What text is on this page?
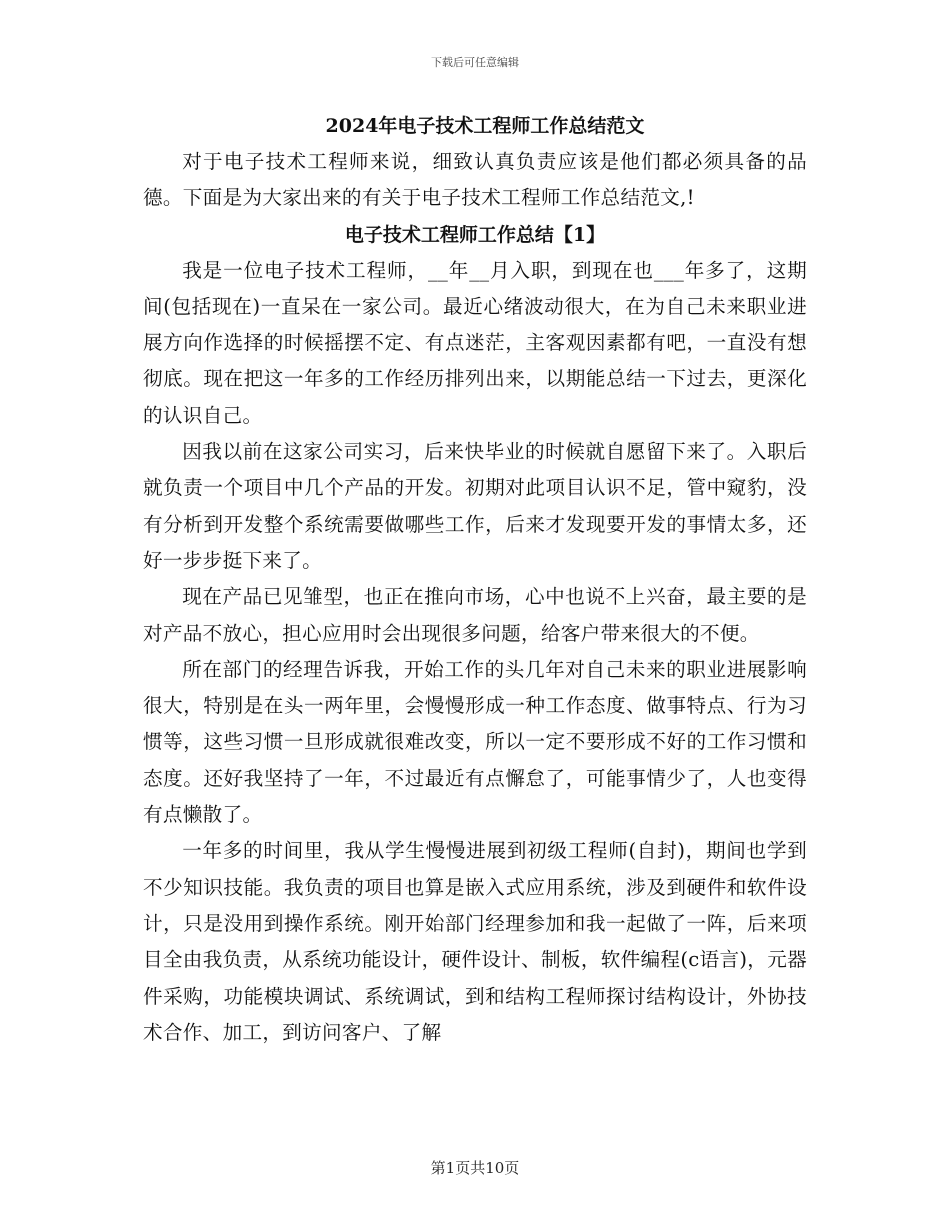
下载后可任意编辑

2024年电子技术工程师工作总结范文

对于电子技术工程师来说，细致认真负责应该是他们都必须具备的品德。下面是为大家出来的有关于电子技术工程师工作总结范文,!

电子技术工程师工作总结【1】

我是一位电子技术工程师，__年__月入职，到现在也___年多了，这期间(包括现在)一直呆在一家公司。最近心绪波动很大，在为自己未来职业进展方向作选择的时候摇摆不定、有点迷茫，主客观因素都有吧，一直没有想彻底。现在把这一年多的工作经历排列出来，以期能总结一下过去，更深化的认识自己。

因我以前在这家公司实习，后来快毕业的时候就自愿留下来了。入职后就负责一个项目中几个产品的开发。初期对此项目认识不足，管中窥豹，没有分析到开发整个系统需要做哪些工作，后来才发现要开发的事情太多，还好一步步挺下来了。

现在产品已见雏型，也正在推向市场，心中也说不上兴奋，最主要的是对产品不放心，担心应用时会出现很多问题，给客户带来很大的不便。

所在部门的经理告诉我，开始工作的头几年对自己未来的职业进展影响很大，特别是在头一两年里，会慢慢形成一种工作态度、做事特点、行为习惯等，这些习惯一旦形成就很难改变，所以一定不要形成不好的工作习惯和态度。还好我坚持了一年，不过最近有点懈怠了，可能事情少了，人也变得有点懒散了。

一年多的时间里，我从学生慢慢进展到初级工程师(自封)，期间也学到不少知识技能。我负责的项目也算是嵌入式应用系统，涉及到硬件和软件设计，只是没用到操作系统。刚开始部门经理参加和我一起做了一阵，后来项目全由我负责，从系统功能设计，硬件设计、制板，软件编程(c语言)，元器件采购，功能模块调试、系统调试，到和结构工程师探讨结构设计，外协技术合作、加工，到访问客户、了解

第1页共10页
